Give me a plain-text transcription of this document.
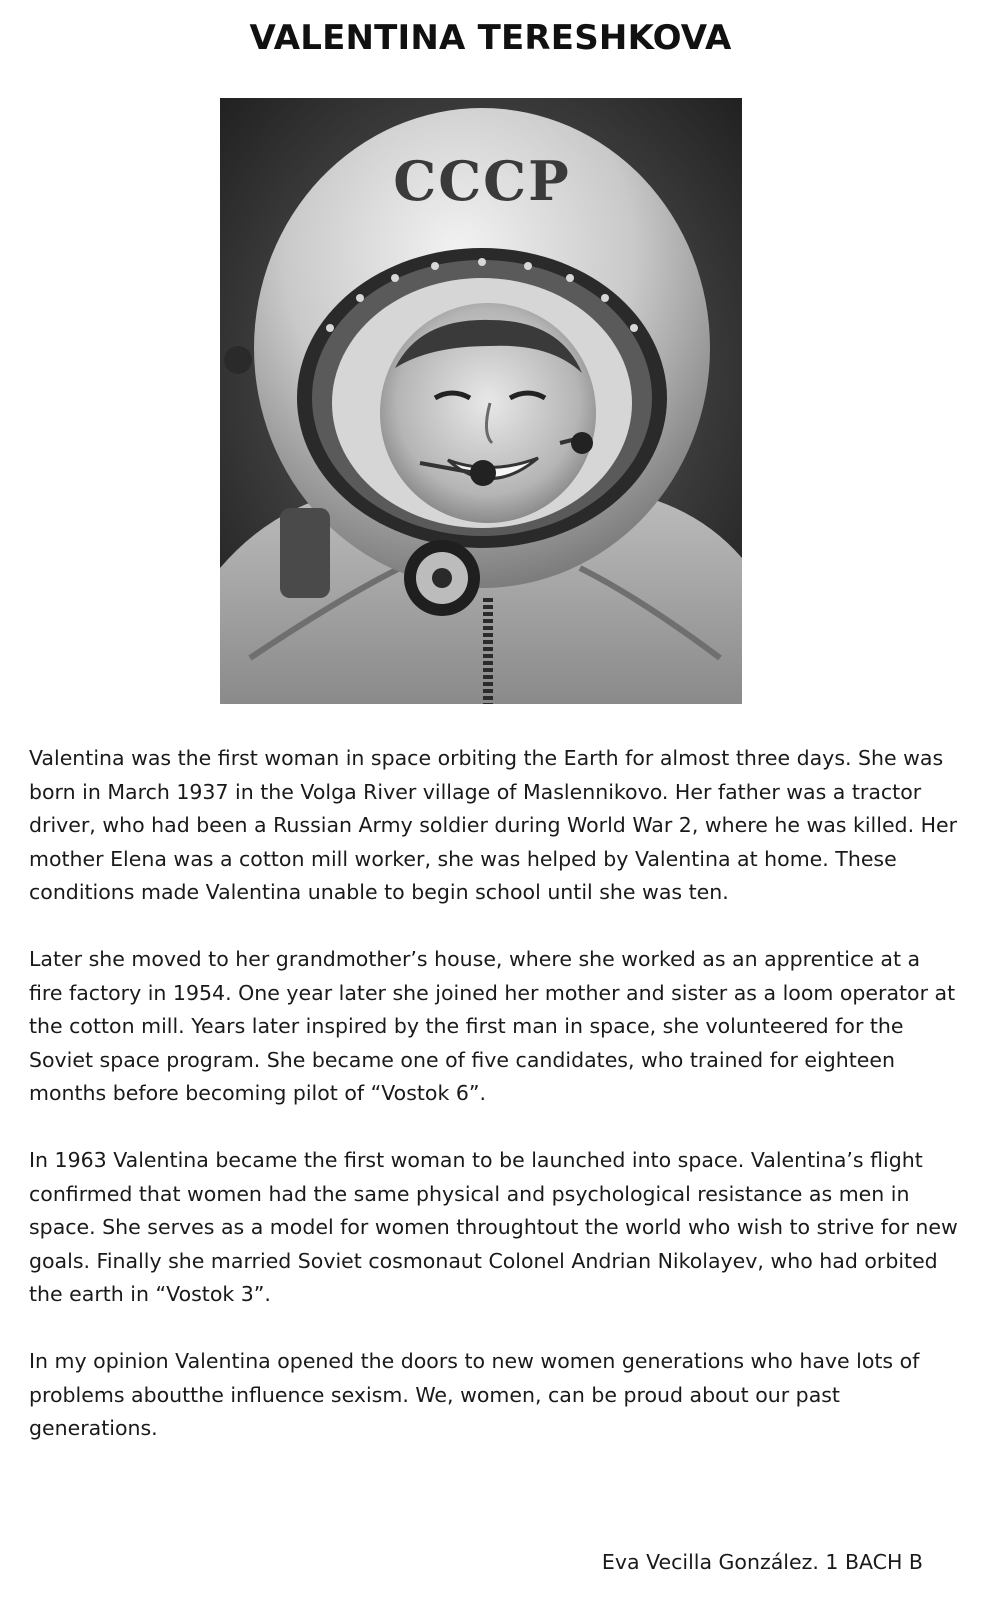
VALENTINA TERESHKOVA
CCCP

Valentina was the first woman in space orbiting the Earth for almost three days. She was born in March 1937 in the Volga River village of Maslennikovo. Her father was a tractor driver, who had been a Russian Army soldier during World War 2, where he was killed. Her mother Elena was a cotton mill worker, she was helped by Valentina at home. These conditions made Valentina unable to begin school until she was ten.

Later she moved to her grandmother’s house, where she worked as an apprentice at a fire factory in 1954. One year later she joined her mother and sister as a loom operator at the cotton mill. Years later inspired by the first man in space, she volunteered for the Soviet space program. She became one of five candidates, who trained for eighteen months before becoming pilot of “Vostok 6”.

In 1963 Valentina became the first woman to be launched into space. Valentina’s flight confirmed that women had the same physical and psychological resistance as men in space. She serves as a model for women throughtout the world who wish to strive for new goals. Finally she married Soviet cosmonaut Colonel Andrian Nikolayev, who had orbited the earth in “Vostok 3”.

In my opinion Valentina opened the doors to new women generations who have lots of problems aboutthe influence sexism. We, women, can be proud about our past generations.

Eva Vecilla González. 1 BACH B
